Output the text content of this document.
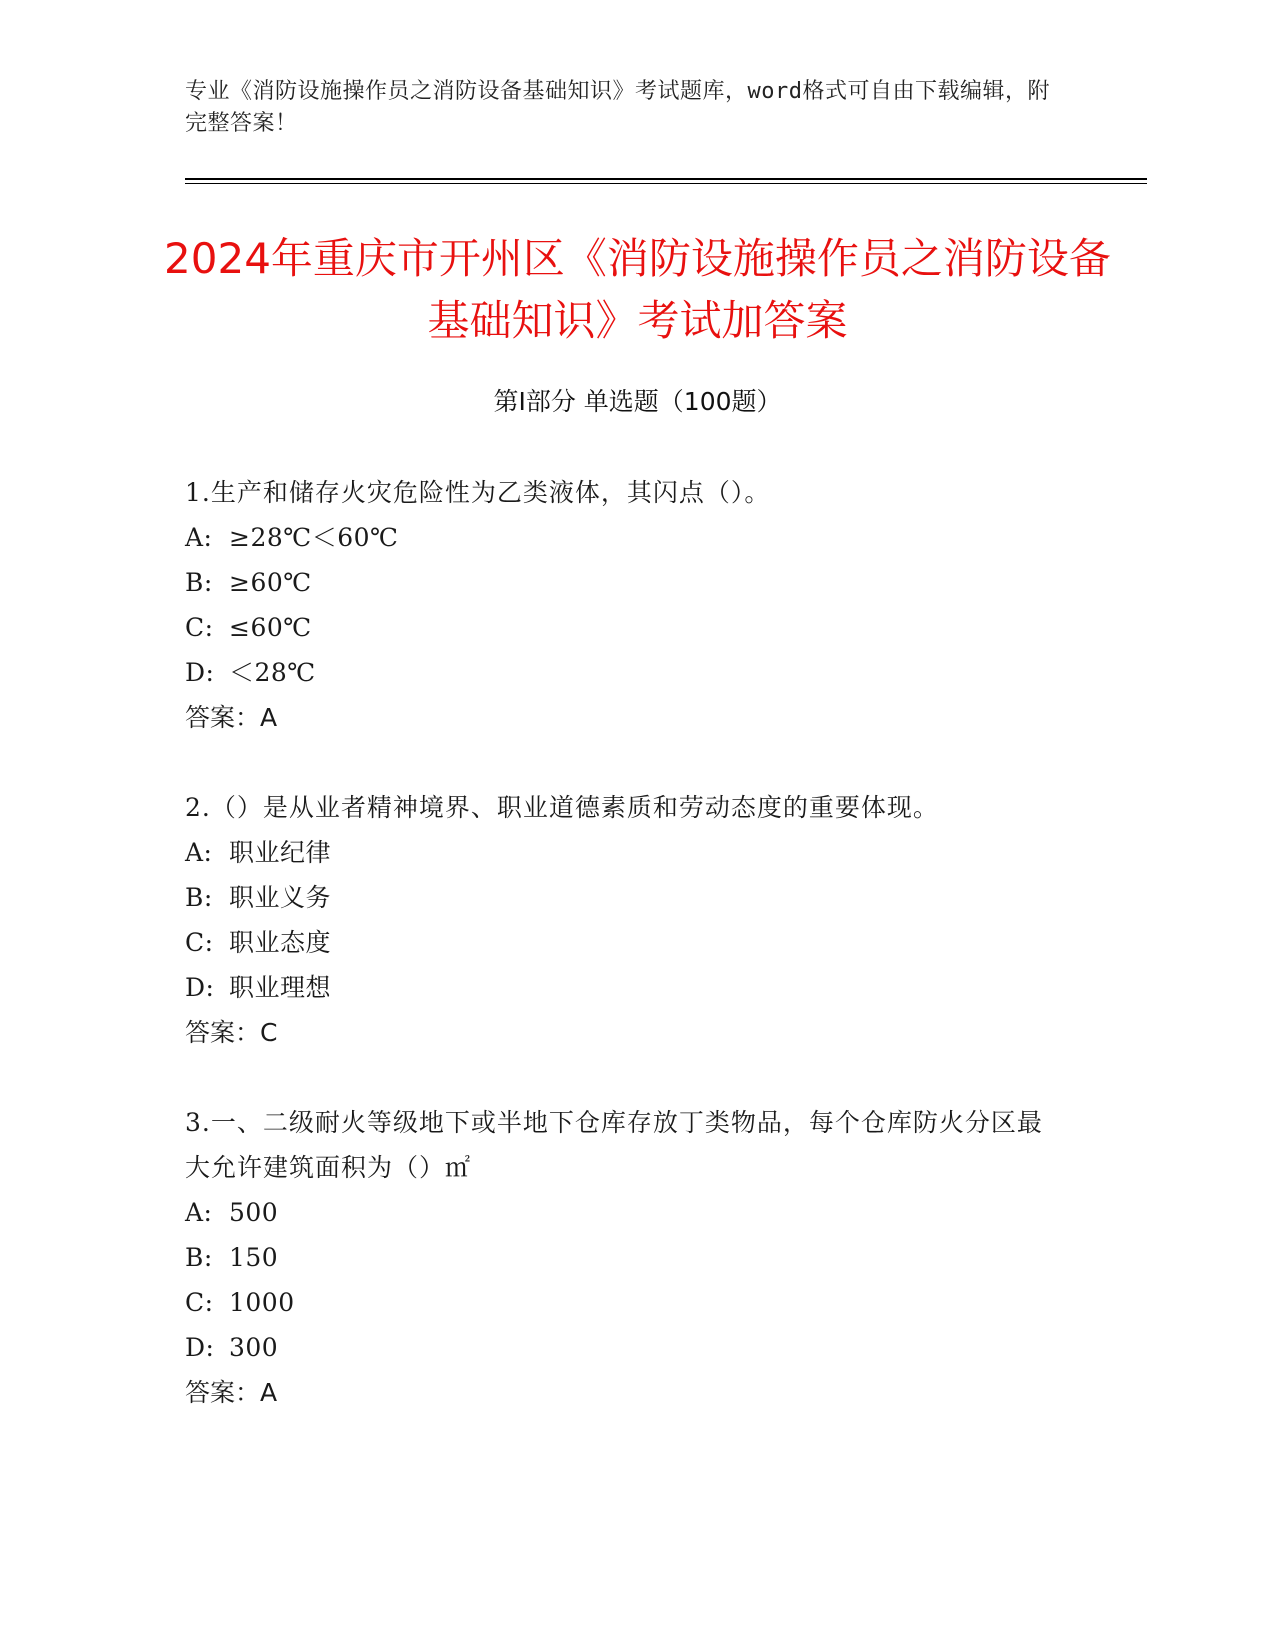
专业《消防设施操作员之消防设备基础知识》考试题库，word格式可自由下载编辑，附完整答案！
2024年重庆市开州区《消防设施操作员之消防设备基础知识》考试加答案
第Ⅰ部分 单选题（100题）
1.生产和储存火灾危险性为乙类液体，其闪点（）。
A: ≥28℃＜60℃
B: ≥60℃
C: ≤60℃
D: ＜28℃
答案：A
2.（）是从业者精神境界、职业道德素质和劳动态度的重要体现。
A: 职业纪律
B: 职业义务
C: 职业态度
D: 职业理想
答案：C
3.一、二级耐火等级地下或半地下仓库存放丁类物品，每个仓库防火分区最大允许建筑面积为（）㎡
A: 500
B: 150
C: 1000
D: 300
答案：A
